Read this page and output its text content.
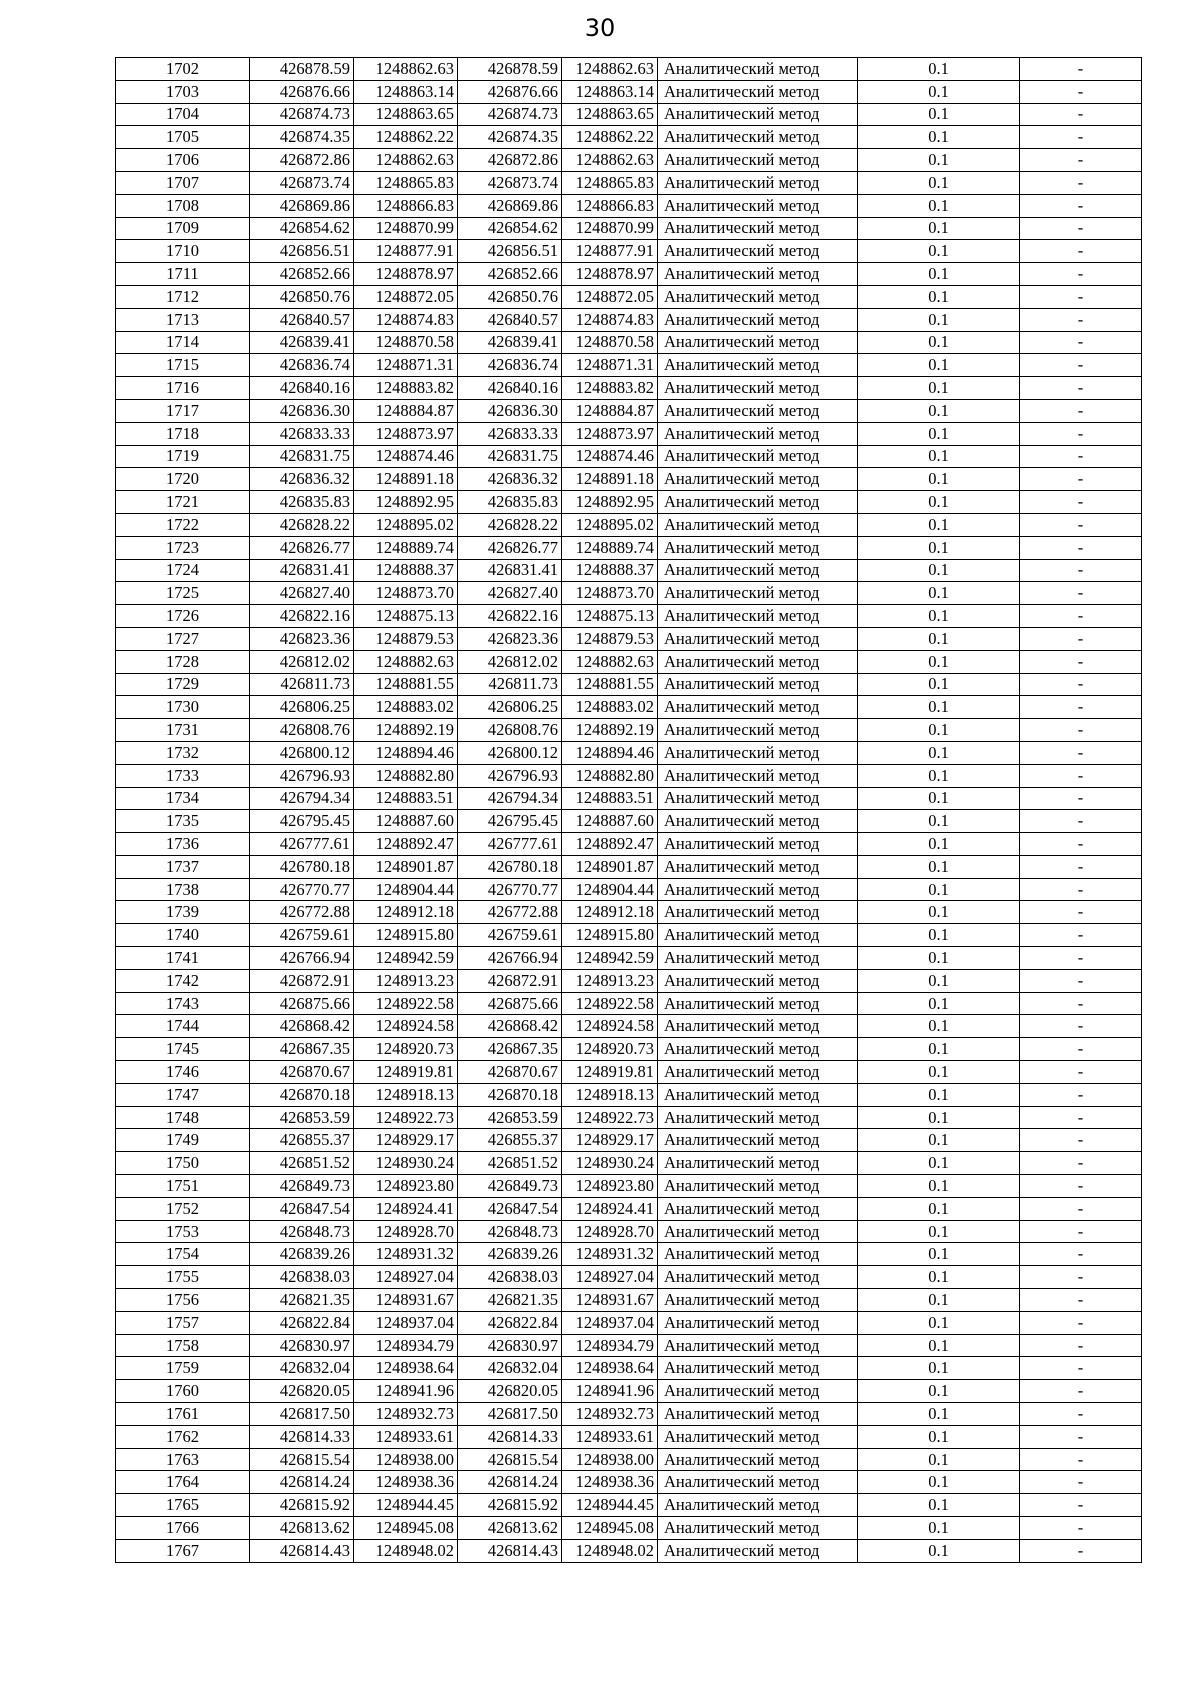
30
1702	426878.59	1248862.63	426878.59	1248862.63	Аналитический метод	0.1	-
1703	426876.66	1248863.14	426876.66	1248863.14	Аналитический метод	0.1	-
1704	426874.73	1248863.65	426874.73	1248863.65	Аналитический метод	0.1	-
1705	426874.35	1248862.22	426874.35	1248862.22	Аналитический метод	0.1	-
1706	426872.86	1248862.63	426872.86	1248862.63	Аналитический метод	0.1	-
1707	426873.74	1248865.83	426873.74	1248865.83	Аналитический метод	0.1	-
1708	426869.86	1248866.83	426869.86	1248866.83	Аналитический метод	0.1	-
1709	426854.62	1248870.99	426854.62	1248870.99	Аналитический метод	0.1	-
1710	426856.51	1248877.91	426856.51	1248877.91	Аналитический метод	0.1	-
1711	426852.66	1248878.97	426852.66	1248878.97	Аналитический метод	0.1	-
1712	426850.76	1248872.05	426850.76	1248872.05	Аналитический метод	0.1	-
1713	426840.57	1248874.83	426840.57	1248874.83	Аналитический метод	0.1	-
1714	426839.41	1248870.58	426839.41	1248870.58	Аналитический метод	0.1	-
1715	426836.74	1248871.31	426836.74	1248871.31	Аналитический метод	0.1	-
1716	426840.16	1248883.82	426840.16	1248883.82	Аналитический метод	0.1	-
1717	426836.30	1248884.87	426836.30	1248884.87	Аналитический метод	0.1	-
1718	426833.33	1248873.97	426833.33	1248873.97	Аналитический метод	0.1	-
1719	426831.75	1248874.46	426831.75	1248874.46	Аналитический метод	0.1	-
1720	426836.32	1248891.18	426836.32	1248891.18	Аналитический метод	0.1	-
1721	426835.83	1248892.95	426835.83	1248892.95	Аналитический метод	0.1	-
1722	426828.22	1248895.02	426828.22	1248895.02	Аналитический метод	0.1	-
1723	426826.77	1248889.74	426826.77	1248889.74	Аналитический метод	0.1	-
1724	426831.41	1248888.37	426831.41	1248888.37	Аналитический метод	0.1	-
1725	426827.40	1248873.70	426827.40	1248873.70	Аналитический метод	0.1	-
1726	426822.16	1248875.13	426822.16	1248875.13	Аналитический метод	0.1	-
1727	426823.36	1248879.53	426823.36	1248879.53	Аналитический метод	0.1	-
1728	426812.02	1248882.63	426812.02	1248882.63	Аналитический метод	0.1	-
1729	426811.73	1248881.55	426811.73	1248881.55	Аналитический метод	0.1	-
1730	426806.25	1248883.02	426806.25	1248883.02	Аналитический метод	0.1	-
1731	426808.76	1248892.19	426808.76	1248892.19	Аналитический метод	0.1	-
1732	426800.12	1248894.46	426800.12	1248894.46	Аналитический метод	0.1	-
1733	426796.93	1248882.80	426796.93	1248882.80	Аналитический метод	0.1	-
1734	426794.34	1248883.51	426794.34	1248883.51	Аналитический метод	0.1	-
1735	426795.45	1248887.60	426795.45	1248887.60	Аналитический метод	0.1	-
1736	426777.61	1248892.47	426777.61	1248892.47	Аналитический метод	0.1	-
1737	426780.18	1248901.87	426780.18	1248901.87	Аналитический метод	0.1	-
1738	426770.77	1248904.44	426770.77	1248904.44	Аналитический метод	0.1	-
1739	426772.88	1248912.18	426772.88	1248912.18	Аналитический метод	0.1	-
1740	426759.61	1248915.80	426759.61	1248915.80	Аналитический метод	0.1	-
1741	426766.94	1248942.59	426766.94	1248942.59	Аналитический метод	0.1	-
1742	426872.91	1248913.23	426872.91	1248913.23	Аналитический метод	0.1	-
1743	426875.66	1248922.58	426875.66	1248922.58	Аналитический метод	0.1	-
1744	426868.42	1248924.58	426868.42	1248924.58	Аналитический метод	0.1	-
1745	426867.35	1248920.73	426867.35	1248920.73	Аналитический метод	0.1	-
1746	426870.67	1248919.81	426870.67	1248919.81	Аналитический метод	0.1	-
1747	426870.18	1248918.13	426870.18	1248918.13	Аналитический метод	0.1	-
1748	426853.59	1248922.73	426853.59	1248922.73	Аналитический метод	0.1	-
1749	426855.37	1248929.17	426855.37	1248929.17	Аналитический метод	0.1	-
1750	426851.52	1248930.24	426851.52	1248930.24	Аналитический метод	0.1	-
1751	426849.73	1248923.80	426849.73	1248923.80	Аналитический метод	0.1	-
1752	426847.54	1248924.41	426847.54	1248924.41	Аналитический метод	0.1	-
1753	426848.73	1248928.70	426848.73	1248928.70	Аналитический метод	0.1	-
1754	426839.26	1248931.32	426839.26	1248931.32	Аналитический метод	0.1	-
1755	426838.03	1248927.04	426838.03	1248927.04	Аналитический метод	0.1	-
1756	426821.35	1248931.67	426821.35	1248931.67	Аналитический метод	0.1	-
1757	426822.84	1248937.04	426822.84	1248937.04	Аналитический метод	0.1	-
1758	426830.97	1248934.79	426830.97	1248934.79	Аналитический метод	0.1	-
1759	426832.04	1248938.64	426832.04	1248938.64	Аналитический метод	0.1	-
1760	426820.05	1248941.96	426820.05	1248941.96	Аналитический метод	0.1	-
1761	426817.50	1248932.73	426817.50	1248932.73	Аналитический метод	0.1	-
1762	426814.33	1248933.61	426814.33	1248933.61	Аналитический метод	0.1	-
1763	426815.54	1248938.00	426815.54	1248938.00	Аналитический метод	0.1	-
1764	426814.24	1248938.36	426814.24	1248938.36	Аналитический метод	0.1	-
1765	426815.92	1248944.45	426815.92	1248944.45	Аналитический метод	0.1	-
1766	426813.62	1248945.08	426813.62	1248945.08	Аналитический метод	0.1	-
1767	426814.43	1248948.02	426814.43	1248948.02	Аналитический метод	0.1	-
